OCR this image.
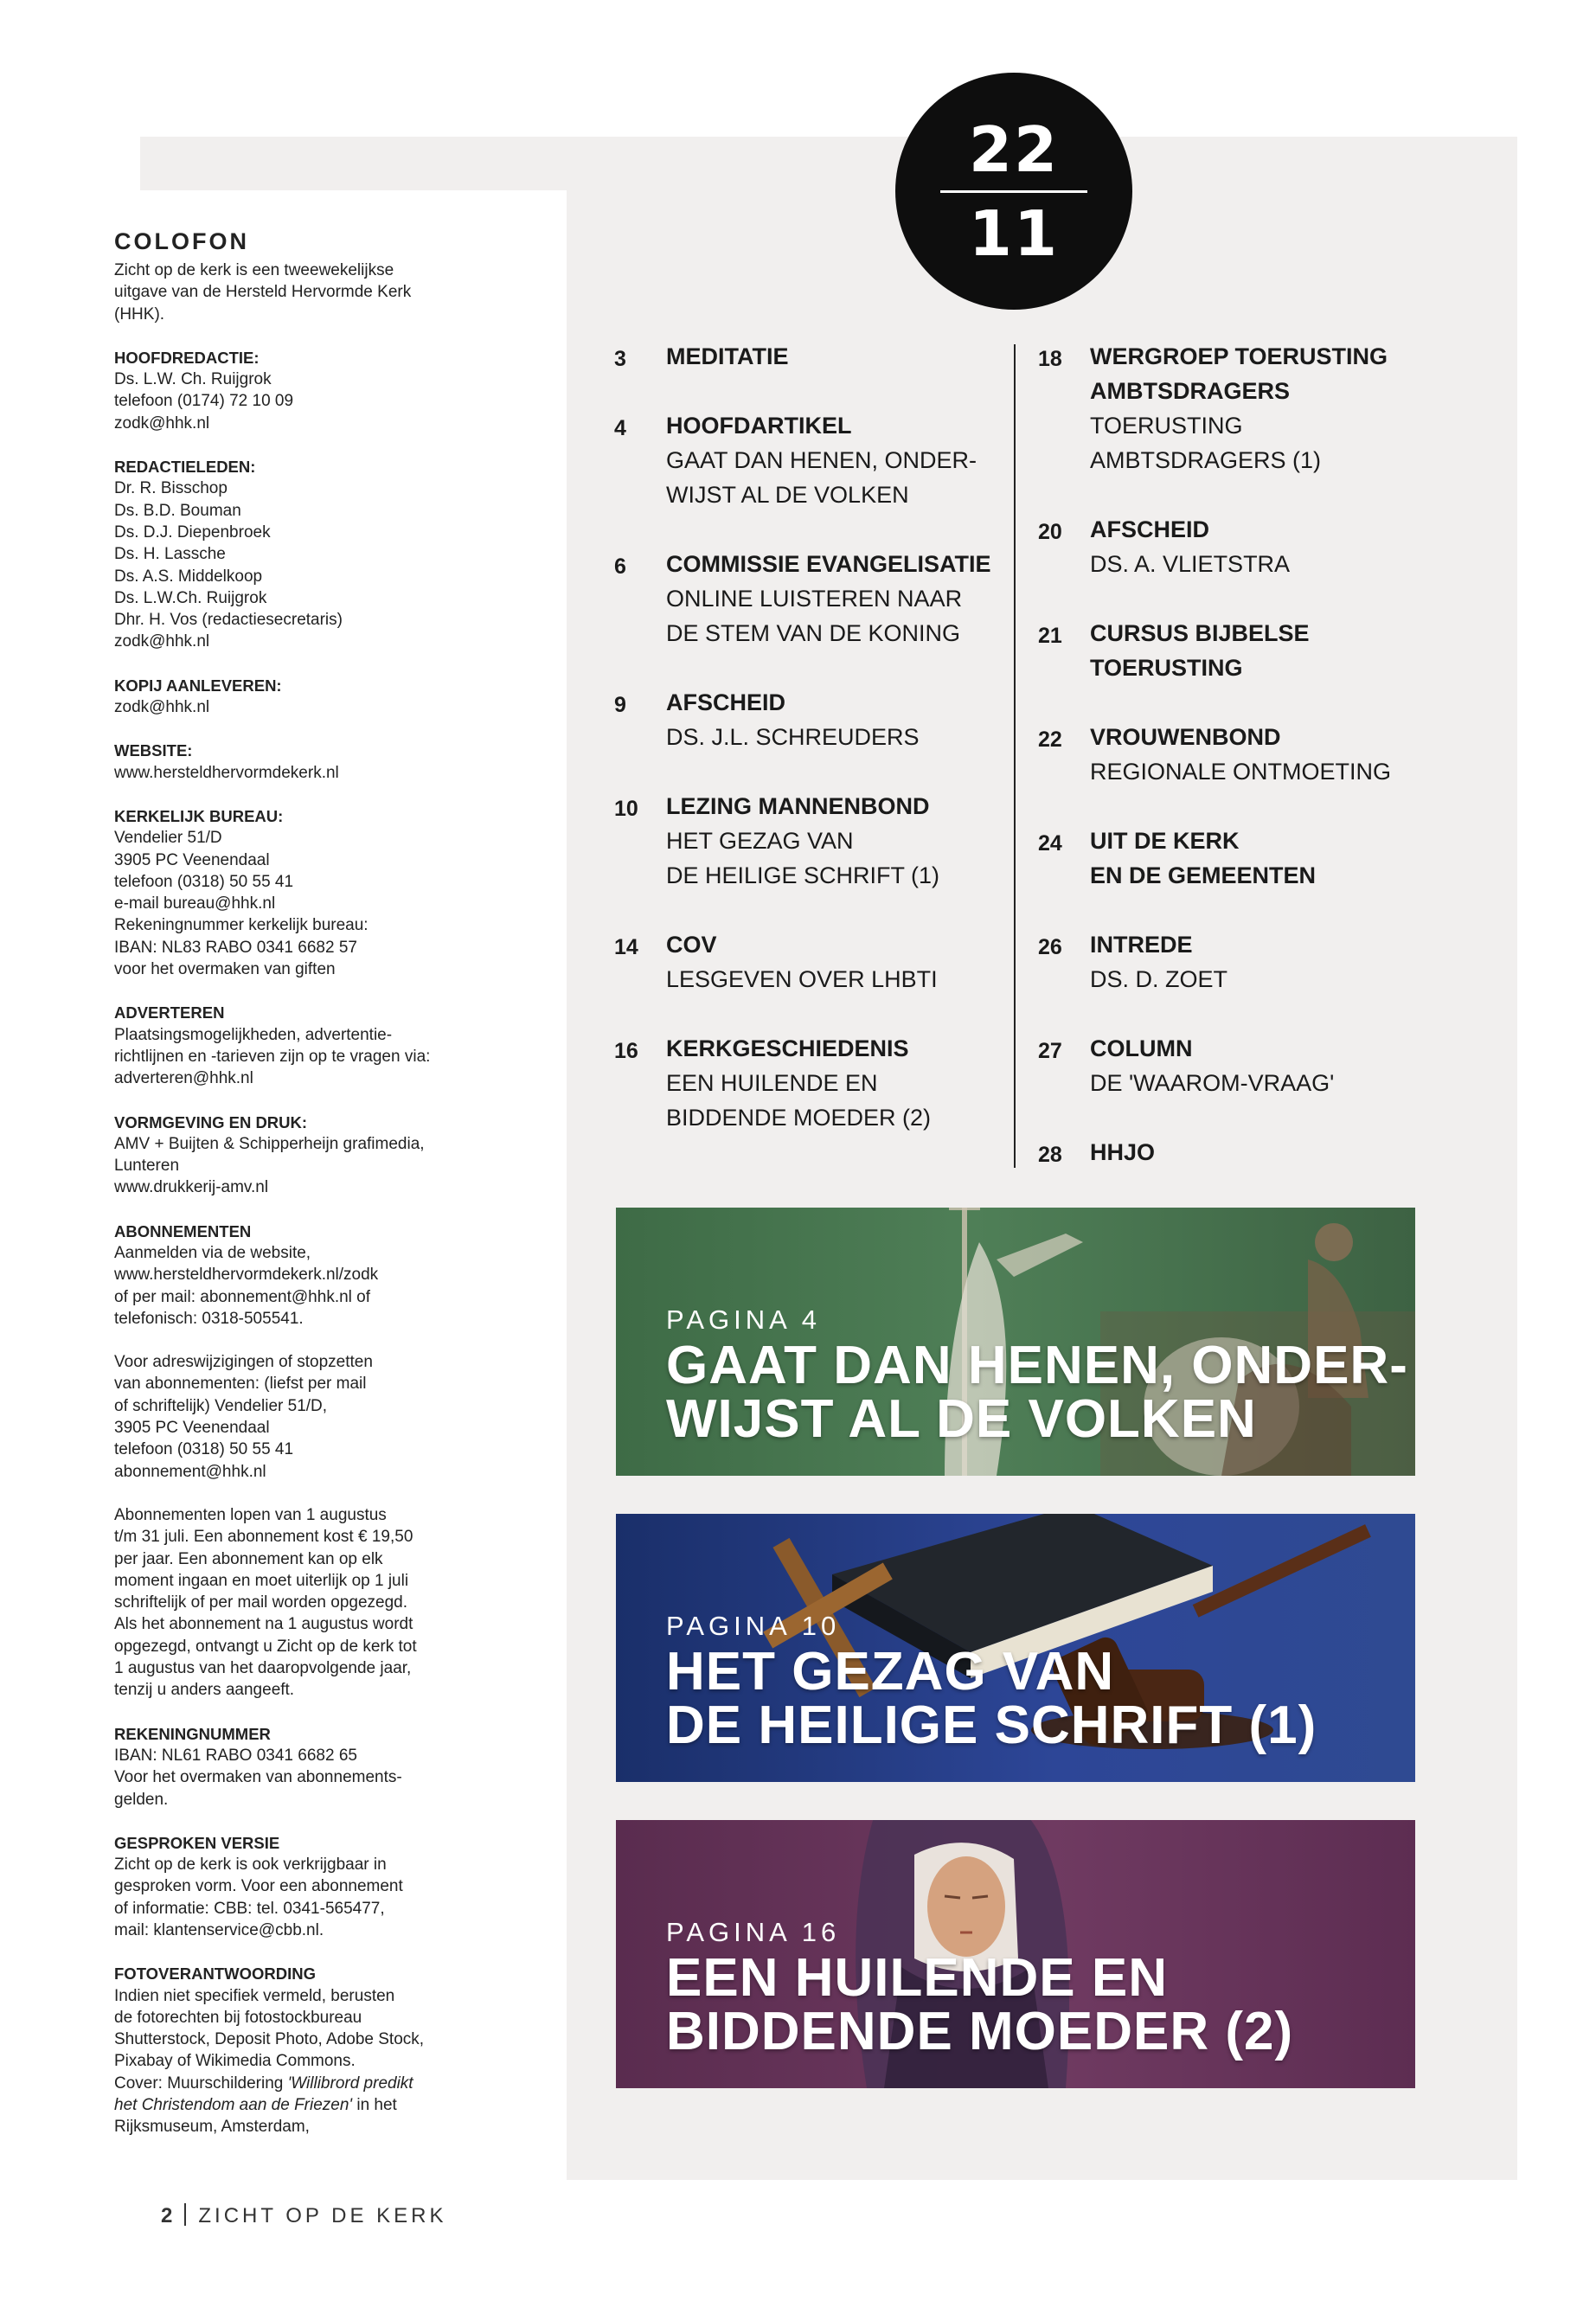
22
11
COLOFON
Zicht op de kerk is een tweewekelijkse
uitgave van de Hersteld Hervormde Kerk
(HHK).
HOOFDREDACTIE:
Ds. L.W. Ch. Ruijgrok
telefoon (0174) 72 10 09
zodk@hhk.nl
REDACTIELEDEN:
Dr. R. Bisschop
Ds. B.D. Bouman
Ds. D.J. Diepenbroek
Ds. H. Lassche
Ds. A.S. Middelkoop
Ds. L.W.Ch. Ruijgrok
Dhr. H. Vos (redactiesecretaris)
zodk@hhk.nl
KOPIJ AANLEVEREN:
zodk@hhk.nl
WEBSITE:
www.hersteldhervormdekerk.nl
KERKELIJK BUREAU:
Vendelier 51/D
3905 PC Veenendaal
telefoon (0318) 50 55 41
e-mail bureau@hhk.nl
Rekeningnummer kerkelijk bureau:
IBAN: NL83 RABO 0341 6682 57
voor het overmaken van giften
ADVERTEREN
Plaatsingsmogelijkheden, advertentie-
richtlijnen en -tarieven zijn op te vragen via:
adverteren@hhk.nl
VORMGEVING EN DRUK:
AMV + Buijten & Schipperheijn grafimedia,
Lunteren
www.drukkerij-amv.nl
ABONNEMENTEN
Aanmelden via de website,
www.hersteldhervormdekerk.nl/zodk
of per mail: abonnement@hhk.nl of
telefonisch: 0318-505541.
Voor adreswijzigingen of stopzetten
van abonnementen: (liefst per mail
of schriftelijk) Vendelier 51/D,
3905 PC Veenendaal
telefoon (0318) 50 55 41
abonnement@hhk.nl
Abonnementen lopen van 1 augustus
t/m 31 juli. Een abonnement kost € 19,50
per jaar. Een abonnement kan op elk
moment ingaan en moet uiterlijk op 1 juli
schriftelijk of per mail worden opgezegd.
Als het abonnement na 1 augustus wordt
opgezegd, ontvangt u Zicht op de kerk tot
1 augustus van het daaropvolgende jaar,
tenzij u anders aangeeft.
REKENINGNUMMER
IBAN: NL61 RABO 0341 6682 65
Voor het overmaken van abonnements-
gelden.
GESPROKEN VERSIE
Zicht op de kerk is ook verkrijgbaar in
gesproken vorm. Voor een abonnement
of informatie: CBB: tel. 0341-565477,
mail: klantenservice@cbb.nl.
FOTOVERANTWOORDING
Indien niet specifiek vermeld, berusten
de fotorechten bij fotostockbureau
Shutterstock, Deposit Photo, Adobe Stock,
Pixabay of Wikimedia Commons.
Cover: Muurschildering 'Willibrord predikt
het Christendom aan de Friezen' in het
Rijksmuseum, Amsterdam,
3 MEDITATIE
4 HOOFDARTIKEL
GAAT DAN HENEN, ONDER-
WIJST AL DE VOLKEN
6 COMMISSIE EVANGELISATIE
ONLINE LUISTEREN NAAR
DE STEM VAN DE KONING
9 AFSCHEID
DS. J.L. SCHREUDERS
10 LEZING MANNENBOND
HET GEZAG VAN
DE HEILIGE SCHRIFT (1)
14 COV
LESGEVEN OVER LHBTI
16 KERKGESCHIEDENIS
EEN HUILENDE EN
BIDDENDE MOEDER (2)
18 WERGROEP TOERUSTING
AMBTSDRAGERS
TOERUSTING
AMBTSDRAGERS (1)
20 AFSCHEID
DS. A. VLIETSTRA
21 CURSUS BIJBELSE
TOERUSTING
22 VROUWENBOND
REGIONALE ONTMOETING
24 UIT DE KERK
EN DE GEMEENTEN
26 INTREDE
DS. D. ZOET
27 COLUMN
DE 'WAAROM-VRAAG'
28 HHJO
PAGINA 4
GAAT DAN HENEN, ONDER-
WIJST AL DE VOLKEN
PAGINA 10
HET GEZAG VAN
DE HEILIGE SCHRIFT (1)
PAGINA 16
EEN HUILENDE EN
BIDDENDE MOEDER (2)
2 ZICHT OP DE KERK
